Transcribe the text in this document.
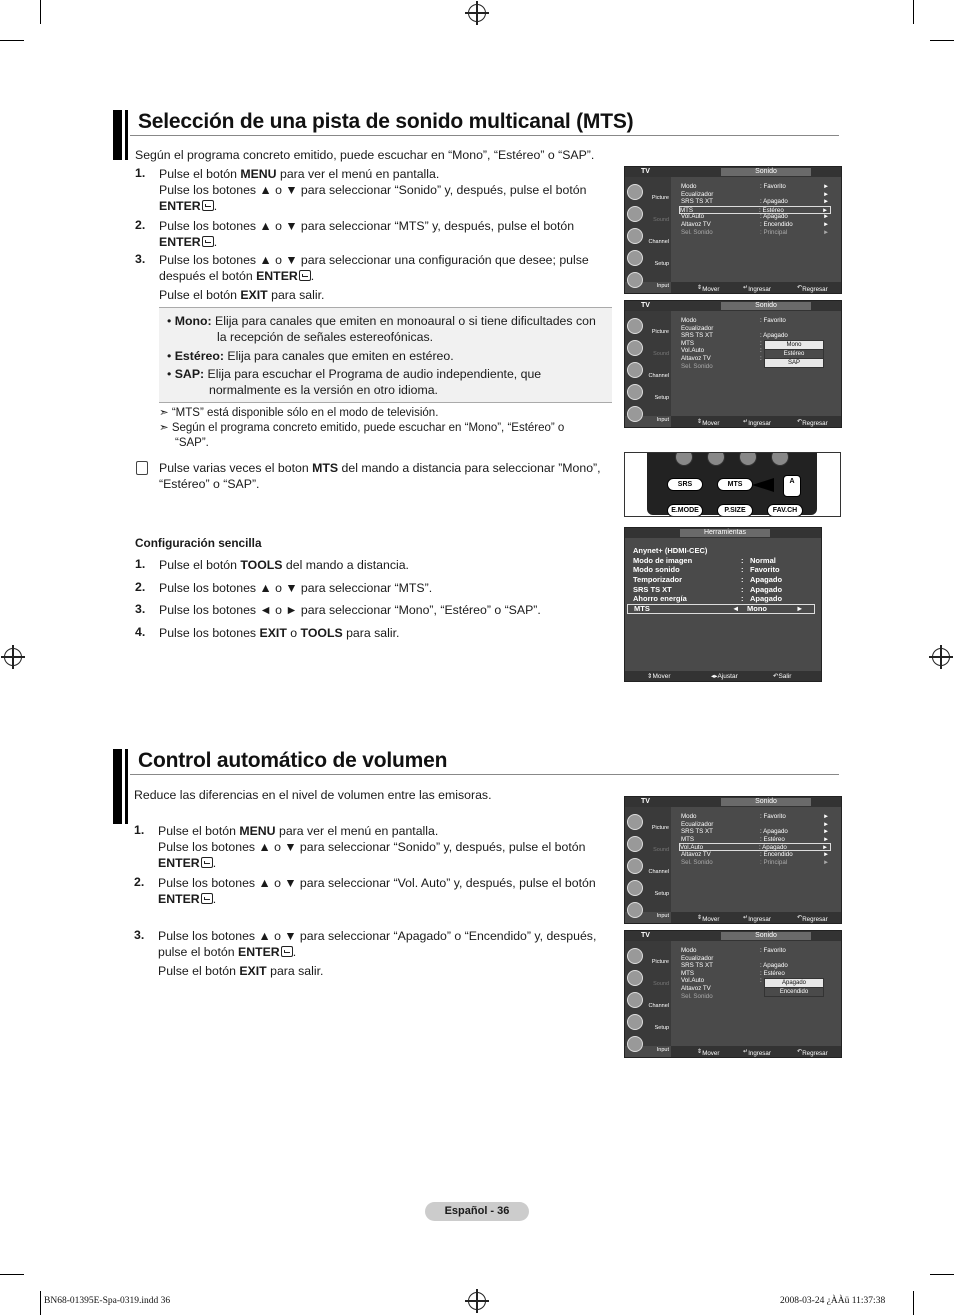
Selección de una pista de sonido multicanal (MTS)
Según el programa concreto emitido, puede escuchar en “Mono”, “Estéreo” o “SAP”.
1. Pulse el botón MENU para ver el menú en pantalla.
Pulse los botones ▲ o ▼ para seleccionar “Sonido” y, después, pulse el botón
ENTER .
2. Pulse los botones ▲ o ▼ para seleccionar “MTS” y, después, pulse el botón
ENTER .
3. Pulse los botones ▲ o ▼ para seleccionar una configuración que desee; pulse
después el botón ENTER .
Pulse el botón EXIT para salir.
• Mono: Elija para canales que emiten en monoaural o si tiene dificultades con
la recepción de señales estereofónicas.
• Estéreo: Elija para canales que emiten en estéreo.
• SAP: Elija para escuchar el Programa de audio independiente, que
normalmente es la versión en otro idioma.
➣ “MTS” está disponible sólo en el modo de televisión.
➣ Según el programa concreto emitido, puede escuchar en “Mono”, “Estéreo” o
“SAP”.
Pulse varias veces el boton MTS del mando a distancia para seleccionar ”Mono”,
“Estéreo” o “SAP”.
Configuración sencilla
1. Pulse el botón TOOLS del mando a distancia.
2. Pulse los botones ▲ o ▼ para seleccionar “MTS”.
3. Pulse los botones ◄ o ► para seleccionar “Mono”, “Estéreo” o “SAP”.
4. Pulse los botones EXIT o TOOLS para salir.
TV	Sonido
Picture
Sound
Channel
Setup
Input
Modo	: Favorito	►
Ecualizador	►
SRS TS XT	: Apagado	►
MTS	: Estéreo	►
Vol.Auto	: Apagado	►
Altavoz TV	: Encendido	►
Sel. Sonido	: Principal	►
⇕ Mover	↵ Ingresar	↶ Regresar
TV	Sonido
Picture
Sound
Channel
Setup
Input
Modo	: Favorito
Ecualizador
SRS TS XT	: Apagado
MTS	:
Vol.Auto	:
Altavoz TV	:
Sel. Sonido
Mono
Estéreo
SAP
⇕ Mover	↵ Ingresar	↶ Regresar
SRS	MTS	A
E.MODE	P.SIZE	FAV.CH
Herramientas
Anynet+ (HDMI-CEC)
Modo de imagen	: Normal
Modo sonido	: Favorito
Temporizador	: Apagado
SRS TS XT	: Apagado
Ahorro energía	: Apagado
MTS	◄ Mono	►
⇕ Mover	◂▸ Ajustar	↶ Salir
Control automático de volumen
Reduce las diferencias en el nivel de volumen entre las emisoras.
1. Pulse el botón MENU para ver el menú en pantalla.
Pulse los botones ▲ o ▼ para seleccionar “Sonido” y, después, pulse el botón
ENTER .
2. Pulse los botones ▲ o ▼ para seleccionar “Vol. Auto” y, después, pulse el botón
ENTER .
3. Pulse los botones ▲ o ▼ para seleccionar “Apagado” o “Encendido” y, después,
pulse el botón ENTER .
Pulse el botón EXIT para salir.
TV	Sonido
Picture
Sound
Channel
Setup
Input
Modo	: Favorito	►
Ecualizador	►
SRS TS XT	: Apagado	►
MTS	: Estéreo	►
Vol.Auto	: Apagado	►
Altavoz TV	: Encendido	►
Sel. Sonido	: Principal	►
⇕ Mover	↵ Ingresar	↶ Regresar
TV	Sonido
Picture
Sound
Channel
Setup
Input
Modo	: Favorito
Ecualizador
SRS TS XT	: Apagado
MTS	: Estéreo
Vol.Auto	:
Altavoz TV
Sel. Sonido
Apagado
Encendido
⇕ Mover	↵ Ingresar	↶ Regresar
Español - 36
BN68-01395E-Spa-0319.indd 36	2008-03-24 ¿ÀÀü 11:37:38
